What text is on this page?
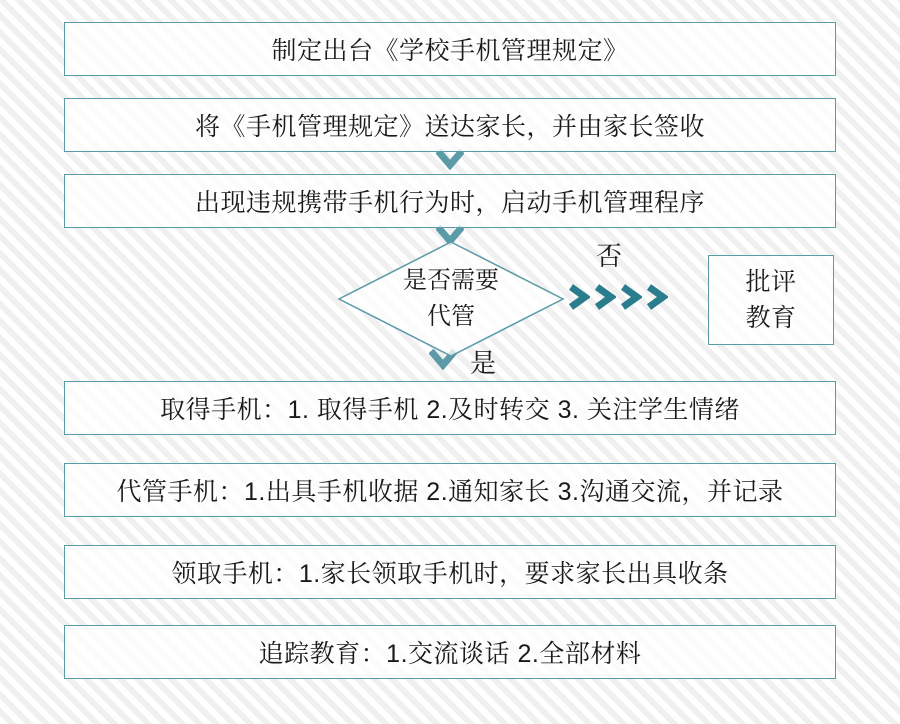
制定出台《学校手机管理规定》
将《手机管理规定》送达家长，并由家长签收
出现违规携带手机行为时，启动手机管理程序
是否需要
代管
否
是
批评
教育
取得手机：1. 取得手机 2.及时转交 3. 关注学生情绪
代管手机：1.出具手机收据 2.通知家长 3.沟通交流，并记录
领取手机：1.家长领取手机时，要求家长出具收条
追踪教育：1.交流谈话 2.全部材料
